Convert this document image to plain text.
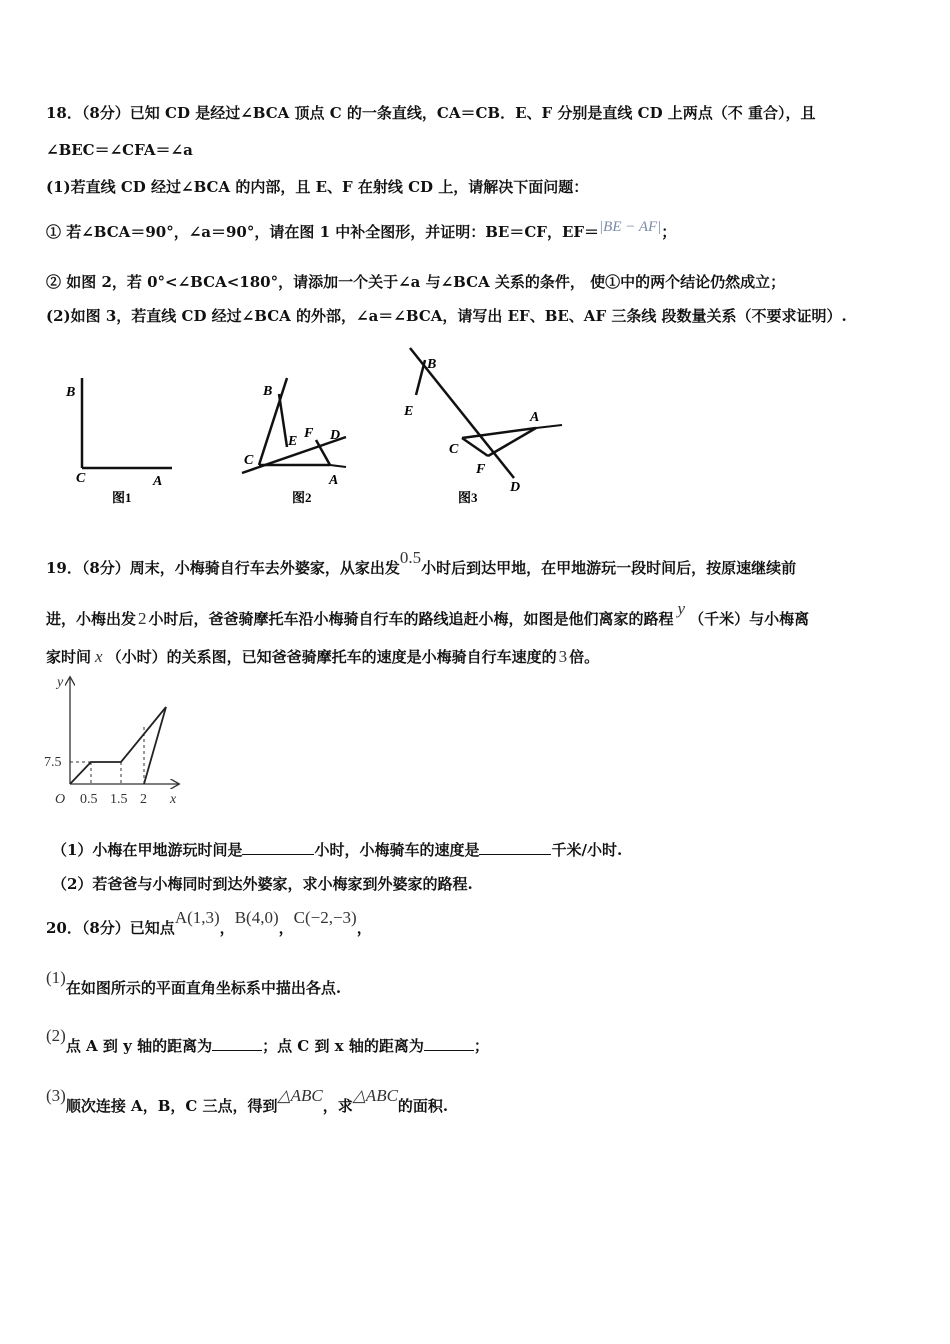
18．（8分）已知 CD 是经过∠BCA 顶点 C 的一条直线，CA＝CB．E、F 分别是直线 CD 上两点（不 重合），且
∠BEC＝∠CFA＝∠a
(1)若直线 CD 经过∠BCA 的内部，且 E、F 在射线 CD 上，请解决下面问题：
① 若∠BCA＝90°，∠a＝90°，请在图 1 中补全图形，并证明：BE＝CF，EF＝|BE − AF|；
② 如图 2，若 0°<∠BCA<180°，请添加一个关于∠a 与∠BCA 关系的条件， 使①中的两个结论仍然成立；
(2)如图 3，若直线 CD 经过∠BCA 的外部，∠a＝∠BCA，请写出 EF、BE、AF 三条线 段数量关系（不要求证明）.
B
C	A
图1
B
E
F D
C
A
图2
B
E	A
C
F
D
图3
19．（8分）周末，小梅骑自行车去外婆家，从家出发0.5小时后到达甲地，在甲地游玩一段时间后，按原速继续前
进，小梅出发 2 小时后，爸爸骑摩托车沿小梅骑自行车的路线追赶小梅，如图是他们离家的路程y（千米）与小梅离
家时间 x （小时）的关系图，已知爸爸骑摩托车的速度是小梅骑自行车速度的 3 倍。
y
x
O
7.5
0.5 1.5 2
（1）小梅在甲地游玩时间是	小时，小梅骑车的速度是	千米/小时.
（2）若爸爸与小梅同时到达外婆家，求小梅家到外婆家的路程.
20．（8分）已知点A(1,3)，B(4,0)，C(−2,−3)，
(1)在如图所示的平面直角坐标系中描出各点.
(2)点 A 到 y 轴的距离为	；点 C 到 x 轴的距离为	；
(3)顺次连接 A，B，C 三点，得到△ABC，求△ABC的面积.
